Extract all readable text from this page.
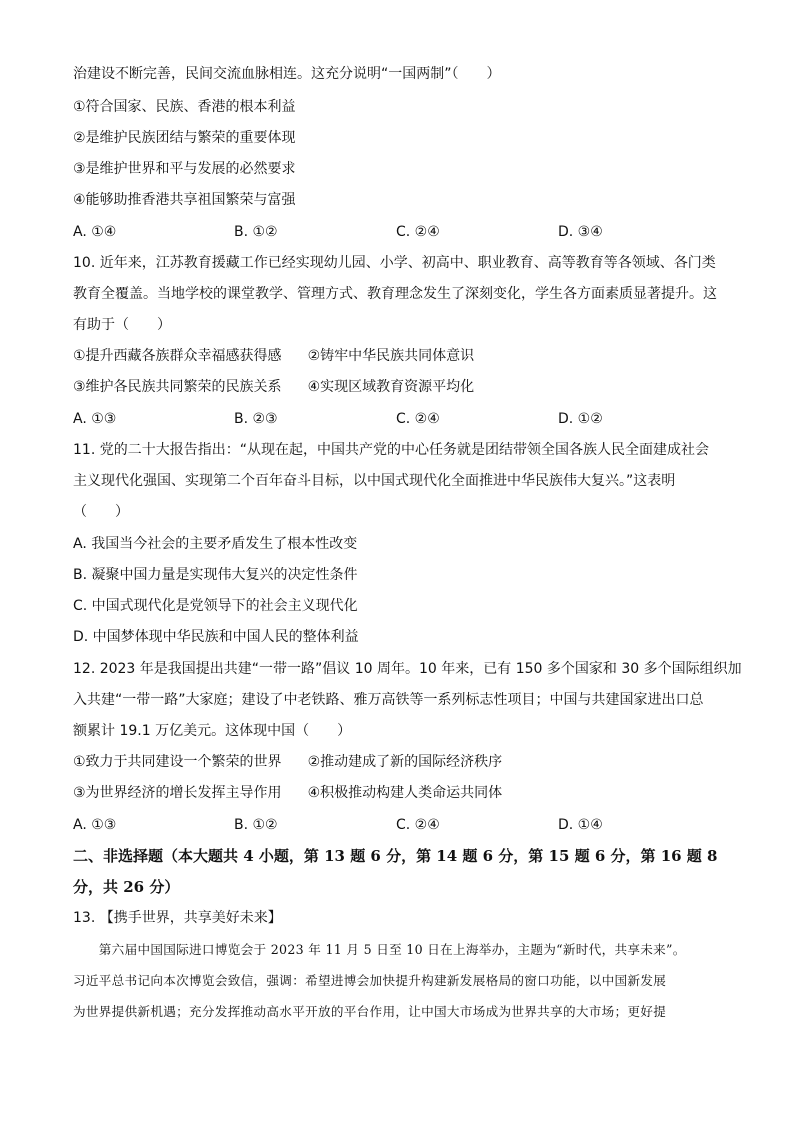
治建设不断完善，民间交流血脉相连。这充分说明“一国两制”（　　）
①符合国家、民族、香港的根本利益
②是维护民族团结与繁荣的重要体现
③是维护世界和平与发展的必然要求
④能够助推香港共享祖国繁荣与富强
A. ①④	B. ①②	C. ②④	D. ③④
10. 近年来，江苏教育援藏工作已经实现幼儿园、小学、初高中、职业教育、高等教育等各领域、各门类
教育全覆盖。当地学校的课堂教学、管理方式、教育理念发生了深刻变化，学生各方面素质显著提升。这
有助于（　　）
①提升西藏各族群众幸福感获得感 ②铸牢中华民族共同体意识
③维护各民族共同繁荣的民族关系 ④实现区域教育资源平均化
A. ①③	B. ②③	C. ②④	D. ①②
11. 党的二十大报告指出：“从现在起，中国共产党的中心任务就是团结带领全国各族人民全面建成社会
主义现代化强国、实现第二个百年奋斗目标，以中国式现代化全面推进中华民族伟大复兴。”这表明
（　　）
A. 我国当今社会的主要矛盾发生了根本性改变
B. 凝聚中国力量是实现伟大复兴的决定性条件
C. 中国式现代化是党领导下的社会主义现代化
D. 中国梦体现中华民族和中国人民的整体利益
12. 2023 年是我国提出共建“一带一路”倡议 10 周年。10 年来，已有 150 多个国家和 30 多个国际组织加
入共建“一带一路”大家庭；建设了中老铁路、雅万高铁等一系列标志性项目；中国与共建国家进出口总
额累计 19.1 万亿美元。这体现中国（　　）
①致力于共同建设一个繁荣的世界 ②推动建成了新的国际经济秩序
③为世界经济的增长发挥主导作用 ④积极推动构建人类命运共同体
A. ①③	B. ①②	C. ②④	D. ①④
二、非选择题（本大题共 4 小题，第 13 题 6 分，第 14 题 6 分，第 15 题 6 分，第 16 题 8
分，共 26 分）
13. 【携手世界，共享美好未来】
　　第六届中国国际进口博览会于 2023 年 11 月 5 日至 10 日在上海举办，主题为“新时代，共享未来”。
习近平总书记向本次博览会致信，强调：希望进博会加快提升构建新发展格局的窗口功能，以中国新发展
为世界提供新机遇；充分发挥推动高水平开放的平台作用，让中国大市场成为世界共享的大市场；更好提
